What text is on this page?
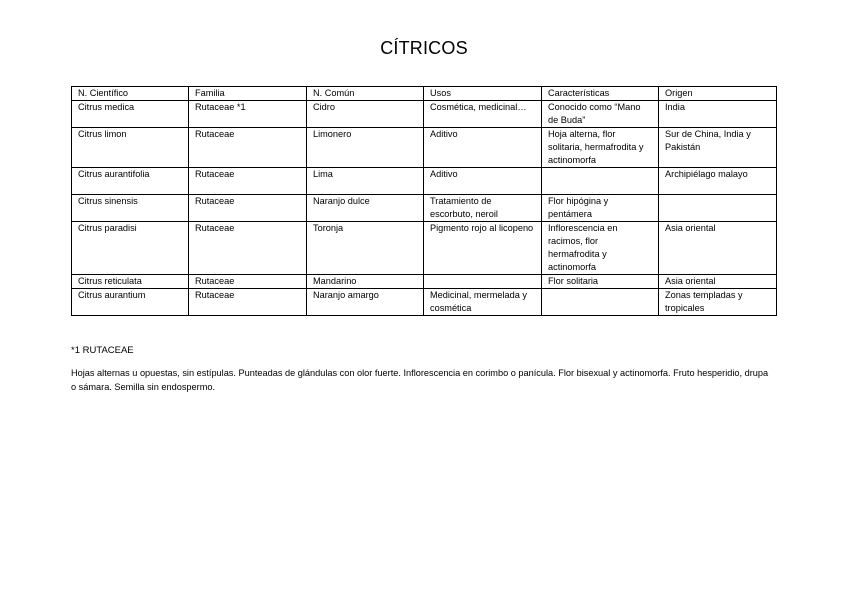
CÍTRICOS
N. Científico	Familia	N. Común	Usos	Características	Origen
Citrus medica	Rutaceae *1	Cidro	Cosmética, medicinal…	Conocido como “Mano de Buda”	India
Citrus limon	Rutaceae	Limonero	Aditivo	Hoja alterna, flor solitaria, hermafrodita y actinomorfa	Sur de China, India y Pakistán
Citrus aurantifolia	Rutaceae	Lima	Aditivo		Archipiélago malayo
Citrus sinensis	Rutaceae	Naranjo dulce	Tratamiento de escorbuto, neroil	Flor hipógina y pentámera	
Citrus paradisi	Rutaceae	Toronja	Pigmento rojo al licopeno	Inflorescencia en racimos, flor hermafrodita y actinomorfa	Asia oriental
Citrus reticulata	Rutaceae	Mandarino		Flor solitaria	Asia oriental
Citrus aurantium	Rutaceae	Naranjo amargo	Medicinal, mermelada y cosmética		Zonas templadas y tropicales
*1 RUTACEAE
Hojas alternas u opuestas, sin estípulas. Punteadas de glándulas con olor fuerte. Inflorescencia en corimbo o panícula. Flor bisexual y actinomorfa. Fruto hesperidio, drupa o sámara. Semilla sin endospermo.
